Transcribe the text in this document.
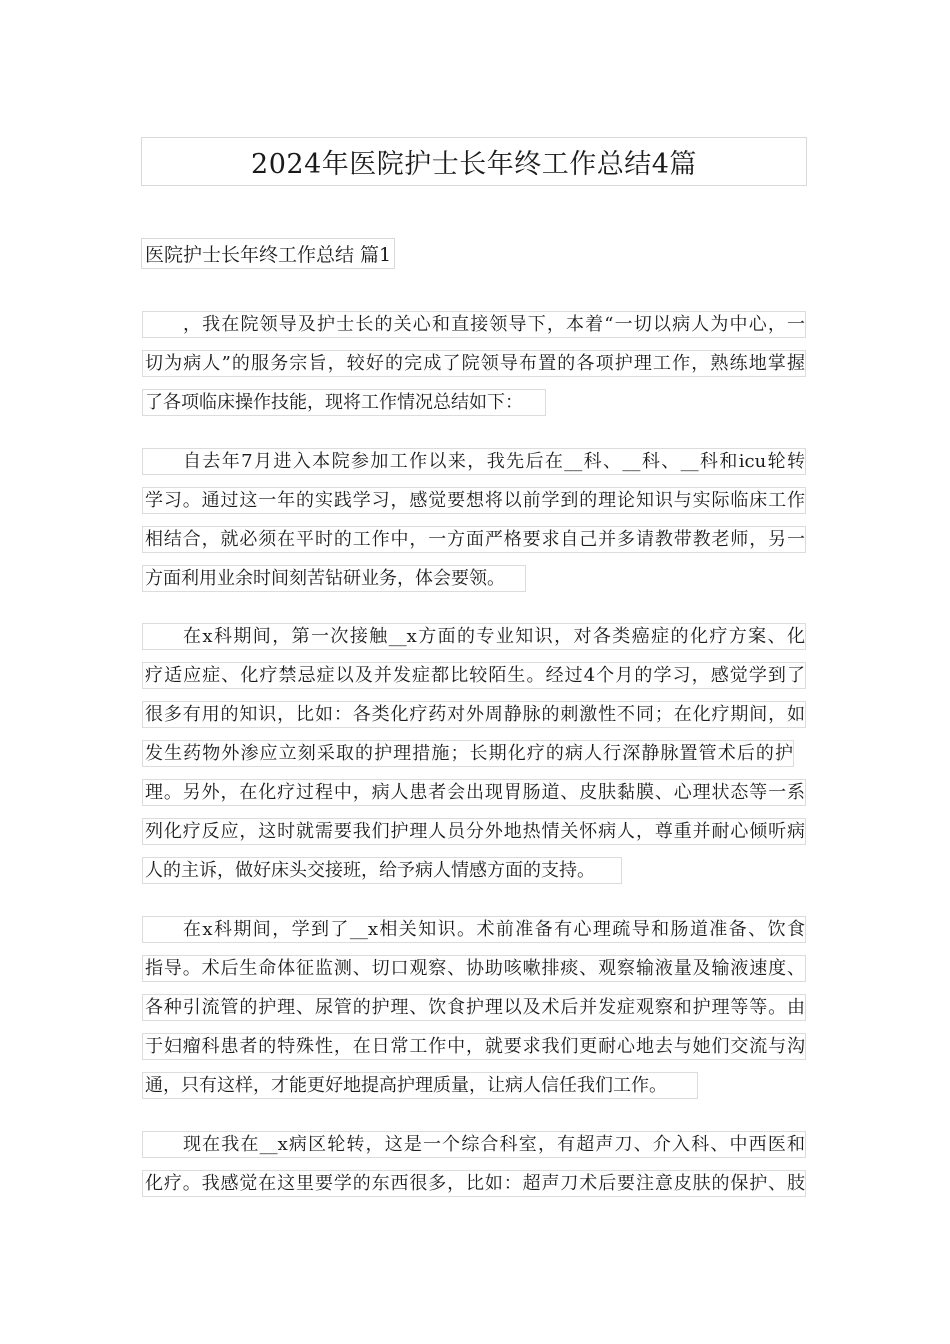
2024年医院护士长年终工作总结4篇
医院护士长年终工作总结 篇1
，我在院领导及护士长的关心和直接领导下，本着“一切以病人为中心，一
切为病人”的服务宗旨，较好的完成了院领导布置的各项护理工作，熟练地掌握
了各项临床操作技能，现将工作情况总结如下：
自去年7月进入本院参加工作以来，我先后在__科、__科、__科和icu轮转
学习。通过这一年的实践学习，感觉要想将以前学到的理论知识与实际临床工作
相结合，就必须在平时的工作中，一方面严格要求自己并多请教带教老师，另一
方面利用业余时间刻苦钻研业务，体会要领。
在x科期间，第一次接触__x方面的专业知识，对各类癌症的化疗方案、化
疗适应症、化疗禁忌症以及并发症都比较陌生。经过4个月的学习，感觉学到了
很多有用的知识，比如：各类化疗药对外周静脉的刺激性不同；在化疗期间，如
发生药物外渗应立刻采取的护理措施；长期化疗的病人行深静脉置管术后的护
理。另外，在化疗过程中，病人患者会出现胃肠道、皮肤黏膜、心理状态等一系
列化疗反应，这时就需要我们护理人员分外地热情关怀病人，尊重并耐心倾听病
人的主诉，做好床头交接班，给予病人情感方面的支持。
在x科期间，学到了__x相关知识。术前准备有心理疏导和肠道准备、饮食
指导。术后生命体征监测、切口观察、协助咳嗽排痰、观察输液量及输液速度、
各种引流管的护理、尿管的护理、饮食护理以及术后并发症观察和护理等等。由
于妇瘤科患者的特殊性，在日常工作中，就要求我们更耐心地去与她们交流与沟
通，只有这样，才能更好地提高护理质量，让病人信任我们工作。
现在我在__x病区轮转，这是一个综合科室，有超声刀、介入科、中西医和
化疗。我感觉在这里要学的东西很多，比如：超声刀术后要注意皮肤的保护、肢
